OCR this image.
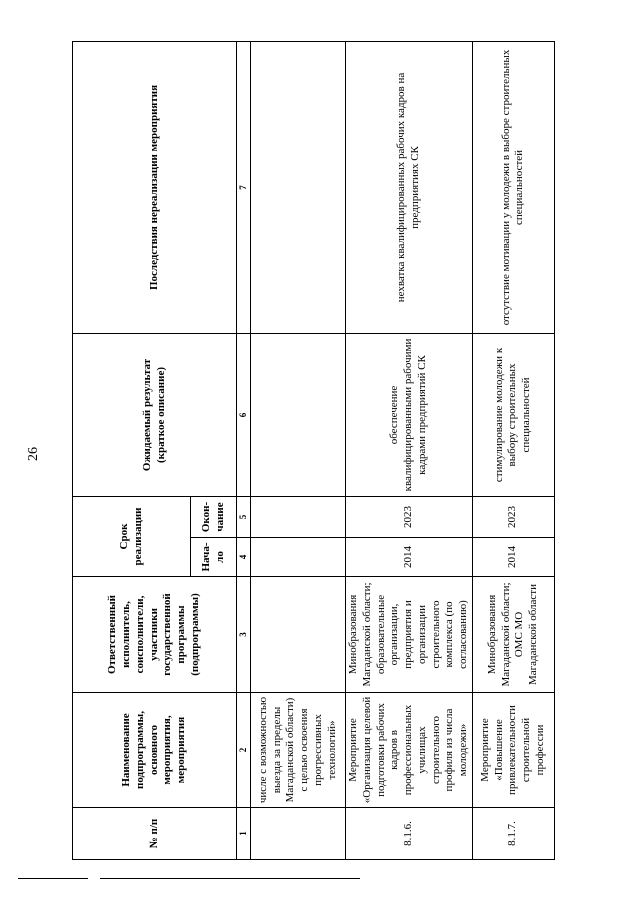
26
№ п/п	Наименование подпрограммы, основного мероприятия, мероприятия	Ответственный исполнитель, соисполнители, участники государственной программы (подпрограммы)	Срок реализации		Ожидаемый результат (краткое описание)	Последствия нереализации мероприятия
			Нача-ло	Окон-чание		
1	2	3	4	5	6	7
	числе с возможностью выезда за пределы Магаданской области) с целью освоения прогрессивных технологий»					
8.1.6.	Мероприятие «Организация целевой подготовки рабочих кадров в профессиональных училищах строительного профиля из числа молодежи»	Минобразования Магаданской области; образовательные организации, предприятия и организации строительного комплекса (по согласованию)	2014	2023	обеспечение квалифицированными рабочими кадрами предприятий СК	нехватка квалифицированных рабочих кадров на предприятиях СК
8.1.7.	Мероприятие «Повышение привлекательности строительной профессии	Минобразования Магаданской области; ОМС МО Магаданской области	2014	2023	стимулирование молодежи к выбору строительных специальностей	отсутствие мотивации у молодежи в выборе строительных специальностей
